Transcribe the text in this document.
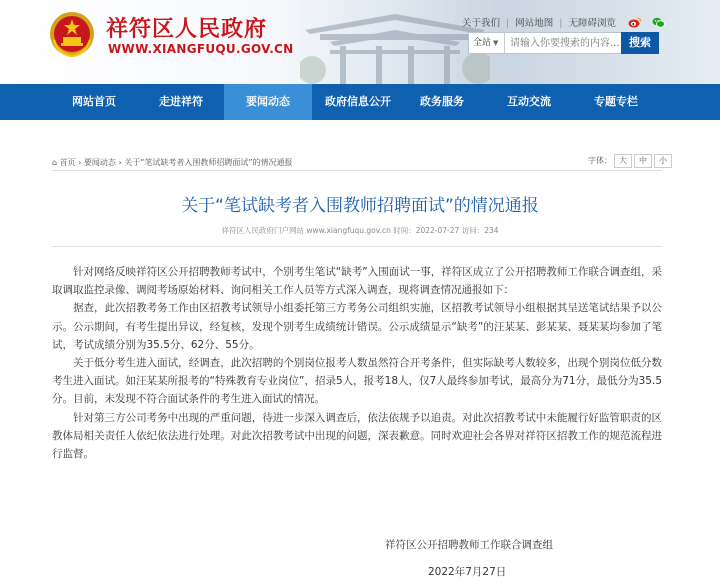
祥符区人民政府
WWW.XIANGFUQU.GOV.CN
关于我们 | 网站地图 | 无障碍浏览

全站 ▼
请输入你要搜索的内容...	搜索
网站首页	走进祥符	要闻动态	政府信息公开	政务服务	互动交流	专题专栏
⌂ 首页 › 要闻动态 › 关于“笔试缺考者入围教师招聘面试”的情况通报	字体： 大 中 小
关于“笔试缺考者入围教师招聘面试”的情况通报
祥符区人民政府门户网站 www.xiangfuqu.gov.cn 时间：2022-07-27 访问：234

针对网络反映祥符区公开招聘教师考试中，个别考生笔试“缺考”入围面试一事，祥符区成立了公开招聘教师工作联合调查组，采取调取监控录像、调阅考场原始材料、询问相关工作人员等方式深入调查，现将调查情况通报如下：

据查，此次招教考务工作由区招教考试领导小组委托第三方考务公司组织实施，区招教考试领导小组根据其呈送笔试结果予以公示。公示期间，有考生提出异议，经复核，发现个别考生成绩统计错误。公示成绩显示“缺考”的汪某某、彭某某、聂某某均参加了笔试，考试成绩分别为35.5分、62分、55分。

关于低分考生进入面试，经调查，此次招聘的个别岗位报考人数虽然符合开考条件，但实际缺考人数较多，出现个别岗位低分数考生进入面试。如汪某某所报考的“特殊教育专业岗位”，招录5人，报考18人，仅7人最终参加考试，最高分为71分，最低分为35.5分。目前，未发现不符合面试条件的考生进入面试的情况。

针对第三方公司考务中出现的严重问题，待进一步深入调查后，依法依规予以追责。对此次招教考试中未能履行好监管职责的区教体局相关责任人依纪依法进行处理。对此次招教考试中出现的问题，深表歉意。同时欢迎社会各界对祥符区招教工作的规范流程进行监督。

祥符区公开招聘教师工作联合调查组
2022年7月27日
